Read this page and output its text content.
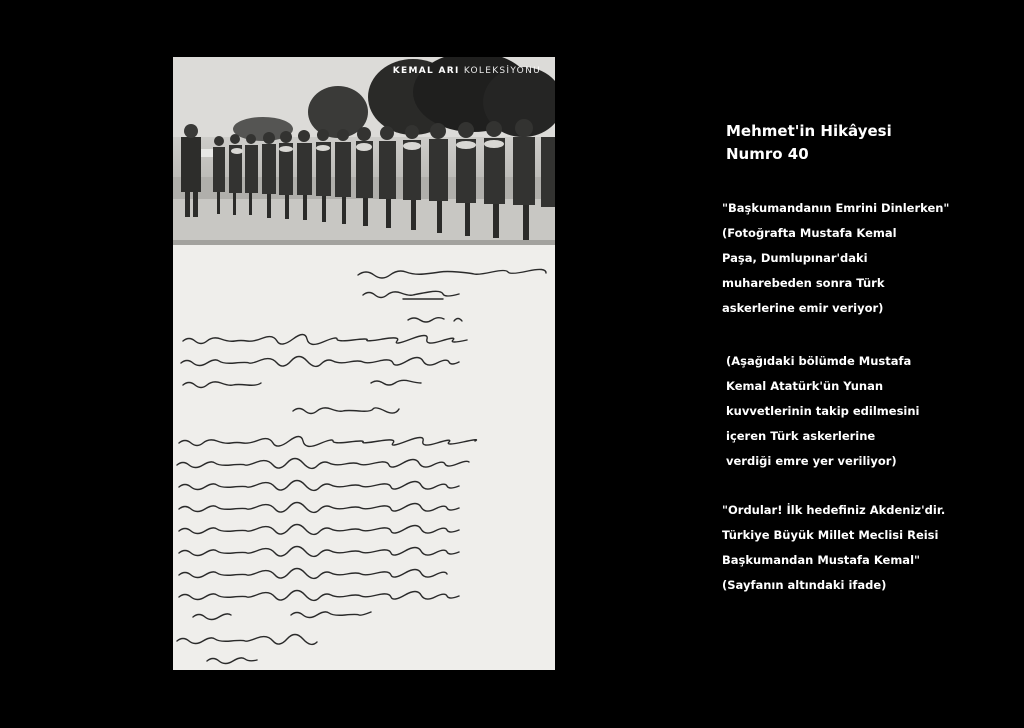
KEMAL ARI KOLEKSİYONU

Mehmet'in Hikâyesi
Numro 40

"Başkumandanın Emrini Dinlerken"
(Fotoğrafta Mustafa Kemal
Paşa, Dumlupınar'daki
muharebeden sonra Türk
askerlerine emir veriyor)

(Aşağıdaki bölümde Mustafa
Kemal Atatürk'ün Yunan
kuvvetlerinin takip edilmesini
içeren Türk askerlerine
verdiği emre yer veriliyor)

"Ordular! İlk hedefiniz Akdeniz'dir.
Türkiye Büyük Millet Meclisi Reisi
Başkumandan Mustafa Kemal"
(Sayfanın altındaki ifade)
